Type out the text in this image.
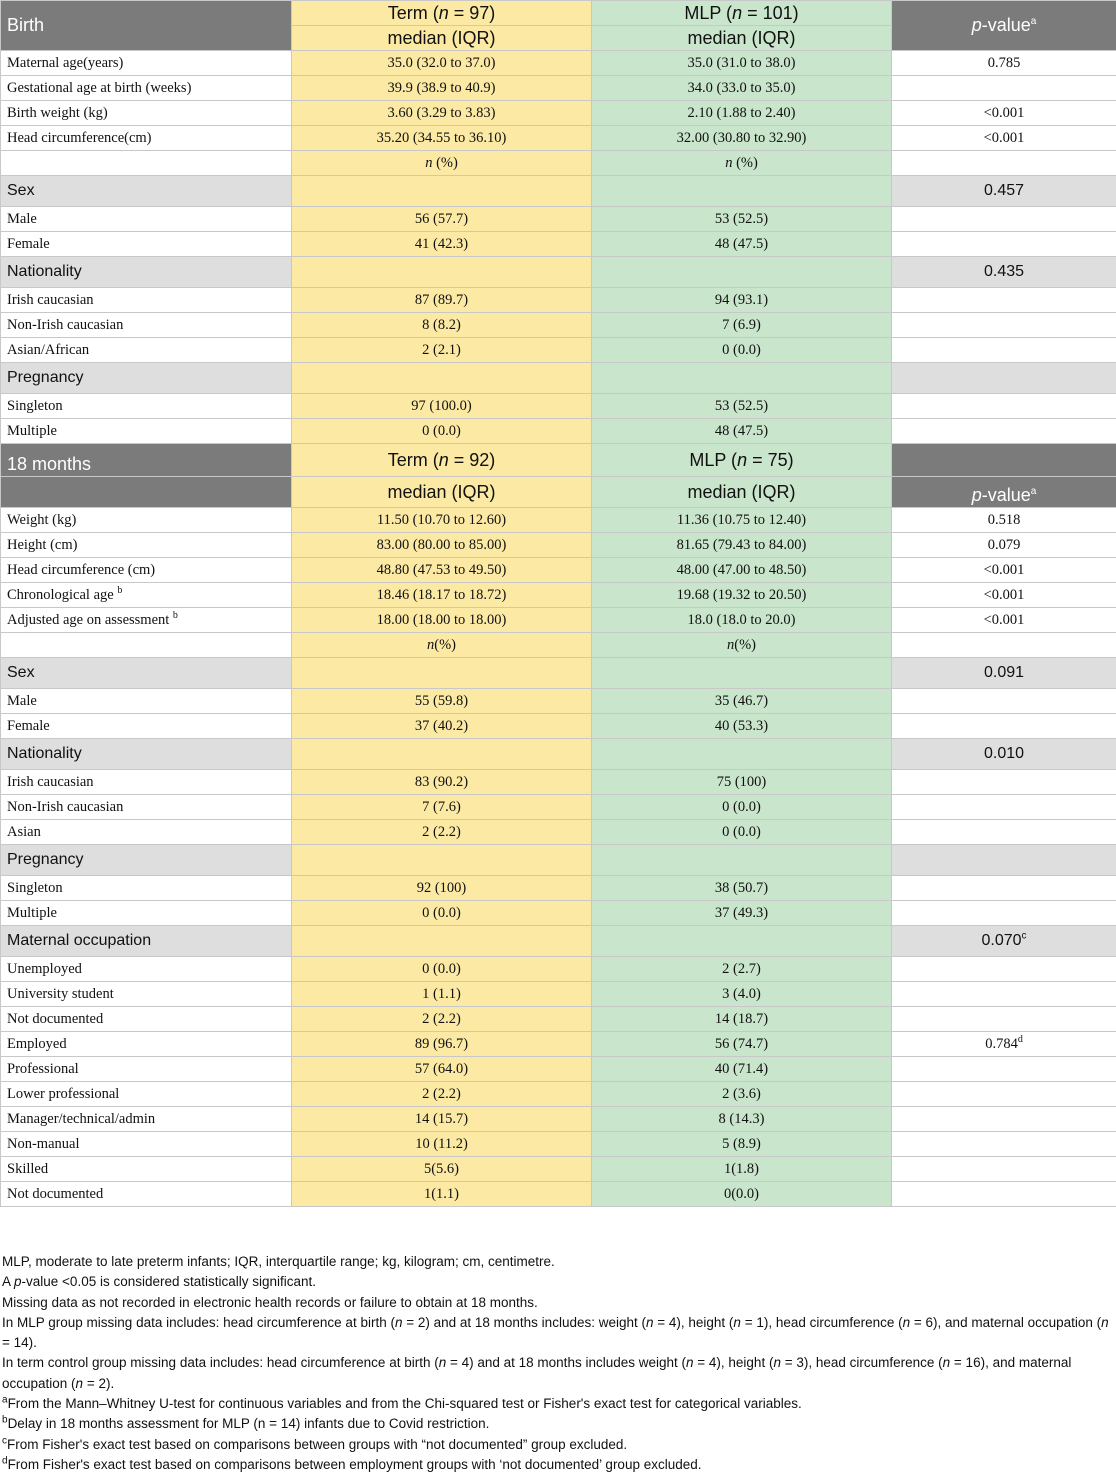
Birth	Term (n = 97)	MLP (n = 101)	p-value$^a$
	median (IQR)	median (IQR)	
Maternal age(years)	35.0 (32.0 to 37.0)	35.0 (31.0 to 38.0)	0.785
Gestational age at birth (weeks)	39.9 (38.9 to 40.9)	34.0 (33.0 to 35.0)	
Birth weight (kg)	3.60 (3.29 to 3.83)	2.10 (1.88 to 2.40)	<0.001
Head circumference(cm)	35.20 (34.55 to 36.10)	32.00 (30.80 to 32.90)	<0.001
	n (%)	n (%)	
Sex			0.457
Male	56 (57.7)	53 (52.5)	
Female	41 (42.3)	48 (47.5)	
Nationality			0.435
Irish caucasian	87 (89.7)	94 (93.1)	
Non-Irish caucasian	8 (8.2)	7 (6.9)	
Asian/African	2 (2.1)	0 (0.0)	
Pregnancy			
Singleton	97 (100.0)	53 (52.5)	
Multiple	0 (0.0)	48 (47.5)	
18 months	Term (n = 92)	MLP (n = 75)	
	median (IQR)	median (IQR)	p-value$^a$
Weight (kg)	11.50 (10.70 to 12.60)	11.36 (10.75 to 12.40)	0.518
Height (cm)	83.00 (80.00 to 85.00)	81.65 (79.43 to 84.00)	0.079
Head circumference (cm)	48.80 (47.53 to 49.50)	48.00 (47.00 to 48.50)	<0.001
Chronological age $^b$	18.46 (18.17 to 18.72)	19.68 (19.32 to 20.50)	<0.001
Adjusted age on assessment $^b$	18.00 (18.00 to 18.00)	18.0 (18.0 to 20.0)	<0.001
	n(%)	n(%)	
Sex			0.091
Male	55 (59.8)	35 (46.7)	
Female	37 (40.2)	40 (53.3)	
Nationality			0.010
Irish caucasian	83 (90.2)	75 (100)	
Non-Irish caucasian	7 (7.6)	0 (0.0)	
Asian	2 (2.2)	0 (0.0)	
Pregnancy			
Singleton	92 (100)	38 (50.7)	
Multiple	0 (0.0)	37 (49.3)	
Maternal occupation			0.070$^c$
Unemployed	0 (0.0)	2 (2.7)	
University student	1 (1.1)	3 (4.0)	
Not documented	2 (2.2)	14 (18.7)	
Employed	89 (96.7)	56 (74.7)	0.784$^d$
Professional	57 (64.0)	40 (71.4)	
Lower professional	2 (2.2)	2 (3.6)	
Manager/technical/admin	14 (15.7)	8 (14.3)	
Non-manual	10 (11.2)	5 (8.9)	
Skilled	5(5.6)	1(1.8)	
Not documented	1(1.1)	0(0.0)	

MLP, moderate to late preterm infants; IQR, interquartile range; kg, kilogram; cm, centimetre.

A p-value <0.05 is considered statistically significant.

Missing data as not recorded in electronic health records or failure to obtain at 18 months.

In MLP group missing data includes: head circumference at birth (n = 2) and at 18 months includes: weight (n = 4), height (n = 1), head circumference (n = 6), and maternal occupation (n = 14).

In term control group missing data includes: head circumference at birth (n = 4) and at 18 months includes weight (n = 4), height (n = 3), head circumference (n = 16), and maternal occupation (n = 2).

$^a$From the Mann–Whitney U-test for continuous variables and from the Chi-squared test or Fisher's exact test for categorical variables.

$^b$Delay in 18 months assessment for MLP (n = 14) infants due to Covid restriction.

$^c$From Fisher's exact test based on comparisons between groups with “not documented” group excluded.

$^d$From Fisher's exact test based on comparisons between employment groups with ‘not documented’ group excluded.
